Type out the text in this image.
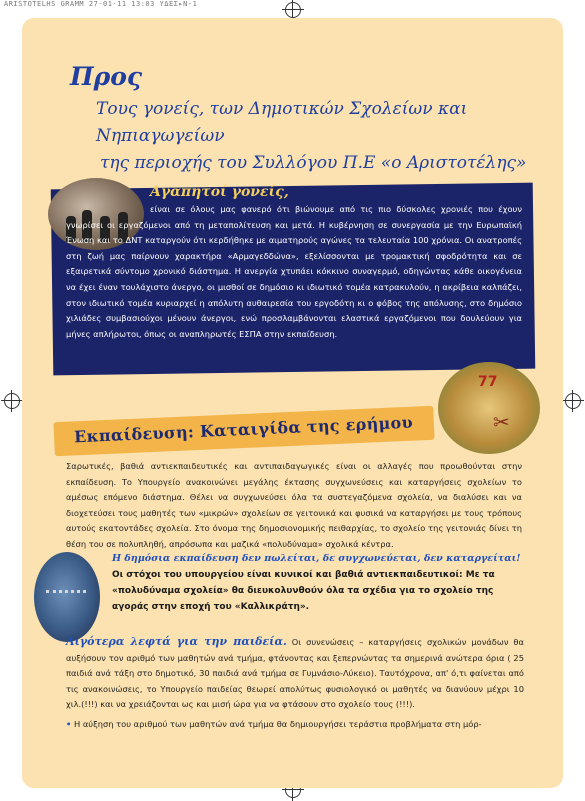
ARISTOTELHS GRAMM 27-01-11 13:03 ΥΔΕΣ▸Ν-1
Προς
Τους γονείς, των Δημοτικών Σχολείων και Νηπιαγωγείων
της περιοχής του Συλλόγου Π.Ε «ο Αριστοτέλης»
Αγαπητοί γονείς,

είναι σε όλους μας φανερό ότι βιώνουμε από τις πιο δύσκολες χρονιές που έχουν γνωρίσει οι εργαζόμενοι από τη μεταπολίτευση και μετά. Η κυβέρνηση σε συνεργασία με την Ευρωπαϊκή Ένωση και το ΔΝΤ καταργούν ότι κερδήθηκε με αιματηρούς αγώνες τα τελευταία 100 χρόνια. Οι ανατροπές στη ζωή μας παίρνουν χαρακτήρα «Αρμαγεδδώνα», εξελίσσονται με τρομακτική σφοδρότητα και σε εξαιρετικά σύντομο χρονικό διάστημα. Η ανεργία χτυπάει κόκκινο συναγερμό, οδηγώντας κάθε οικογένεια να έχει έναν τουλάχιστο άνεργο, οι μισθοί σε δημόσιο κι ιδιωτικό τομέα κατρακυλούν, η ακρίβεια καλπάζει, στον ιδιωτικό τομέα κυριαρχεί η απόλυτη αυθαιρεσία του εργοδότη κι ο φόβος της απόλυσης, στο δημόσιο χιλιάδες συμβασιούχοι μένουν άνεργοι, ενώ προσλαμβάνονται ελαστικά εργαζόμενοι που δουλεύουν για μήνες απλήρωτοι, όπως οι αναπληρωτές ΕΣΠΑ στην εκπαίδευση.

77
✂
Εκπαίδευση: Καταιγίδα της ερήμου

Σαρωτικές, βαθιά αντιεκπαιδευτικές και αντιπαιδαγωγικές είναι οι αλλαγές που προωθούνται στην εκπαίδευση. Το Υπουργείο ανακοινώνει μεγάλης έκτασης συγχωνεύσεις και καταργήσεις σχολείων το αμέσως επόμενο διάστημα. Θέλει να συγχωνεύσει όλα τα συστεγαζόμενα σχολεία, να διαλύσει και να διοχετεύσει τους μαθητές των «μικρών» σχολείων σε γειτονικά και φυσικά να καταργήσει με τους τρόπους αυτούς εκατοντάδες σχολεία. Στο όνομα της δημοσιονομικής πειθαρχίας, το σχολείο της γειτονιάς δίνει τη θέση του σε πολυπληθή, απρόσωπα και μαζικά «πολυδύναμα» σχολικά κέντρα.

Η δημόσια εκπαίδευση δεν πωλείται, δε συγχωνεύεται, δεν καταργείται! Οι στόχοι του υπουργείου είναι κυνικοί και βαθιά αντιεκπαιδευτικοί: Με τα «πολυδύναμα σχολεία» θα διευκολυνθούν όλα τα σχέδια για το σχολείο της αγοράς στην εποχή του «Καλλικράτη».

Λιγότερα λεφτά για την παιδεία. Οι συνενώσεις – καταργήσεις σχολικών μονάδων θα αυξήσουν τον αριθμό των μαθητών ανά τμήμα, φτάνοντας και ξεπερνώντας τα σημερινά ανώτερα όρια ( 25 παιδιά ανά τάξη στο δημοτικό, 30 παιδιά ανά τμήμα σε Γυμνάσιο-Λύκειο). Ταυτόχρονα, απ' ό,τι φαίνεται από τις ανακοινώσεις, το Υπουργείο παιδείας θεωρεί απολύτως φυσιολογικό οι μαθητές να διανύουν μέχρι 10 χιλ.(!!!) και να χρειάζονται ως και μισή ώρα για να φτάσουν στο σχολείο τους (!!!).

• Η αύξηση του αριθμού των μαθητών ανά τμήμα θα δημιουργήσει τεράστια προβλήματα στη μόρ-
